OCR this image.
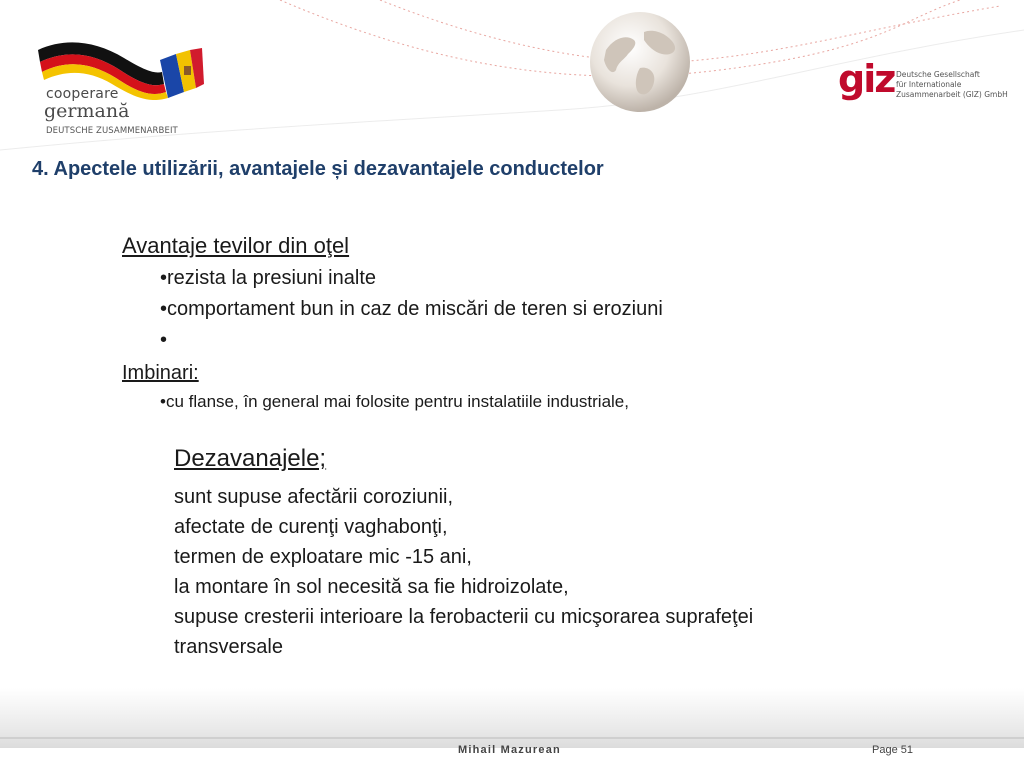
cooperare
germană
DEUTSCHE ZUSAMMENARBEIT
giz Deutsche Gesellschaft
für Internationale
Zusammenarbeit (GIZ) GmbH
4. Apectele utilizării, avantajele și dezavantajele conductelor
Avantaje tevilor din oţel
•rezista la presiuni inalte
•comportament bun in caz de miscări de teren si eroziuni
•
Imbinari:
•cu flanse, în general mai folosite pentru instalatiile industriale,
Dezavanajele;
sunt supuse afectării coroziunii,
afectate de curenţi vaghabonţi,
termen de exploatare mic -15 ani,
la montare în sol necesită sa fie hidroizolate,
supuse cresterii interioare la ferobacterii cu micşorarea suprafeţei
transversale
Mihail Mazurean	Page 51
